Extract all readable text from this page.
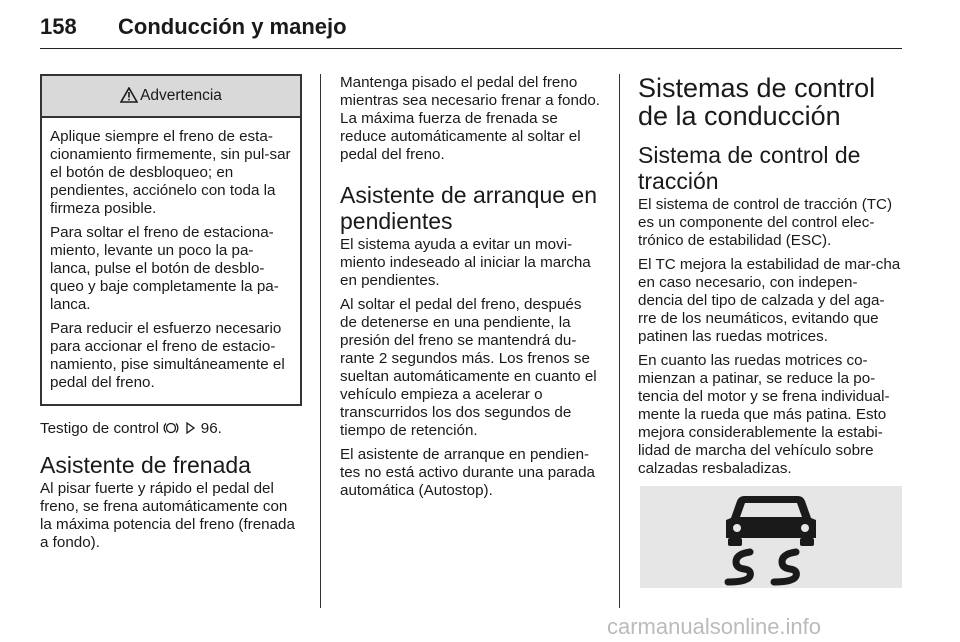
158 Conducción y manejo
Advertencia

Aplique siempre el freno de esta-cionamiento firmemente, sin pul-sar el botón de desbloqueo; en pendientes, acciónelo con toda la firmeza posible.

Para soltar el freno de estaciona-miento, levante un poco la pa-lanca, pulse el botón de desblo-queo y baje completamente la pa-lanca.

Para reducir el esfuerzo necesario para accionar el freno de estacio-namiento, pise simultáneamente el pedal del freno.

Testigo de control	96.

Asistente de frenada

Al pisar fuerte y rápido el pedal del freno, se frena automáticamente con la máxima potencia del freno (frenada a fondo).

Mantenga pisado el pedal del freno mientras sea necesario frenar a fondo. La máxima fuerza de frenada se reduce automáticamente al soltar el pedal del freno.

Asistente de arranque en pendientes

El sistema ayuda a evitar un movi-miento indeseado al iniciar la marcha en pendientes.

Al soltar el pedal del freno, después de detenerse en una pendiente, la presión del freno se mantendrá du-rante 2 segundos más. Los frenos se sueltan automáticamente en cuanto el vehículo empieza a acelerar o transcurridos los dos segundos de tiempo de retención.

El asistente de arranque en pendien-tes no está activo durante una parada automática (Autostop).

Sistemas de control de la conducción
Sistema de control de tracción

El sistema de control de tracción (TC) es un componente del control elec-trónico de estabilidad (ESC).

El TC mejora la estabilidad de mar-cha en caso necesario, con indepen-dencia del tipo de calzada y del aga-rre de los neumáticos, evitando que patinen las ruedas motrices.

En cuanto las ruedas motrices co-mienzan a patinar, se reduce la po-tencia del motor y se frena individual-mente la rueda que más patina. Esto mejora considerablemente la estabi-lidad de marcha del vehículo sobre calzadas resbaladizas.

carmanualsonline.info
